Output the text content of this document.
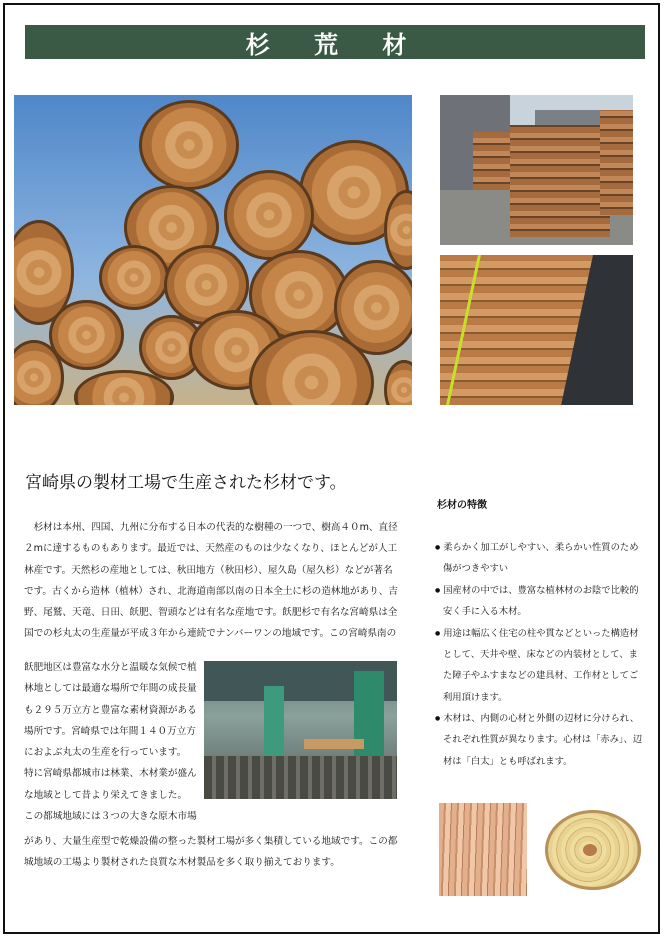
杉 荒 材
宮崎県の製材工場で生産された杉材です。
　杉材は本州、四国、九州に分布する日本の代表的な樹種の一つで、樹高４０m、直径
２mに達するものもあります。最近では、天然産のものは少なくなり、ほとんどが人工
林産です。天然杉の産地としては、秋田地方（秋田杉）、屋久島（屋久杉）などが著名
です。古くから造林（植林）され、北海道南部以南の日本全土に杉の造林地があり、吉
野、尾鷲、天竜、日田、飫肥、智頭などは有名な産地です。飫肥杉で有名な宮崎県は全
国での杉丸太の生産量が平成３年から連続でナンバーワンの地域です。この宮崎県南の
飫肥地区は豊富な水分と温暖な気候で植
林地としては最適な場所で年間の成長量
も２９５万立方と豊富な素材資源がある
場所です。宮崎県では年間１４０万立方
におよぶ丸太の生産を行っています。
特に宮崎県都城市は林業、木材業が盛ん
な地域として昔より栄えてきました。
この都城地域には３つの大きな原木市場
があり、大量生産型で乾燥設備の整った製材工場が多く集積している地域です。この都
城地域の工場より製材された良質な木材製品を多く取り揃えております。
杉材の特徴
● 柔らかく加工がしやすい、柔らかい性質のため傷がつきやすい
● 国産材の中では、豊富な植林材のお陰で比較的安く手に入る木材。
● 用途は幅広く住宅の柱や貫などといった構造材として、天井や壁、床などの内装材として、また障子やふすまなどの建具材、工作材としてご利用頂けます。
● 木材は、内側の心材と外側の辺材に分けられ、それぞれ性質が異なります。心材は「赤み」、辺材は「白太」とも呼ばれます。
